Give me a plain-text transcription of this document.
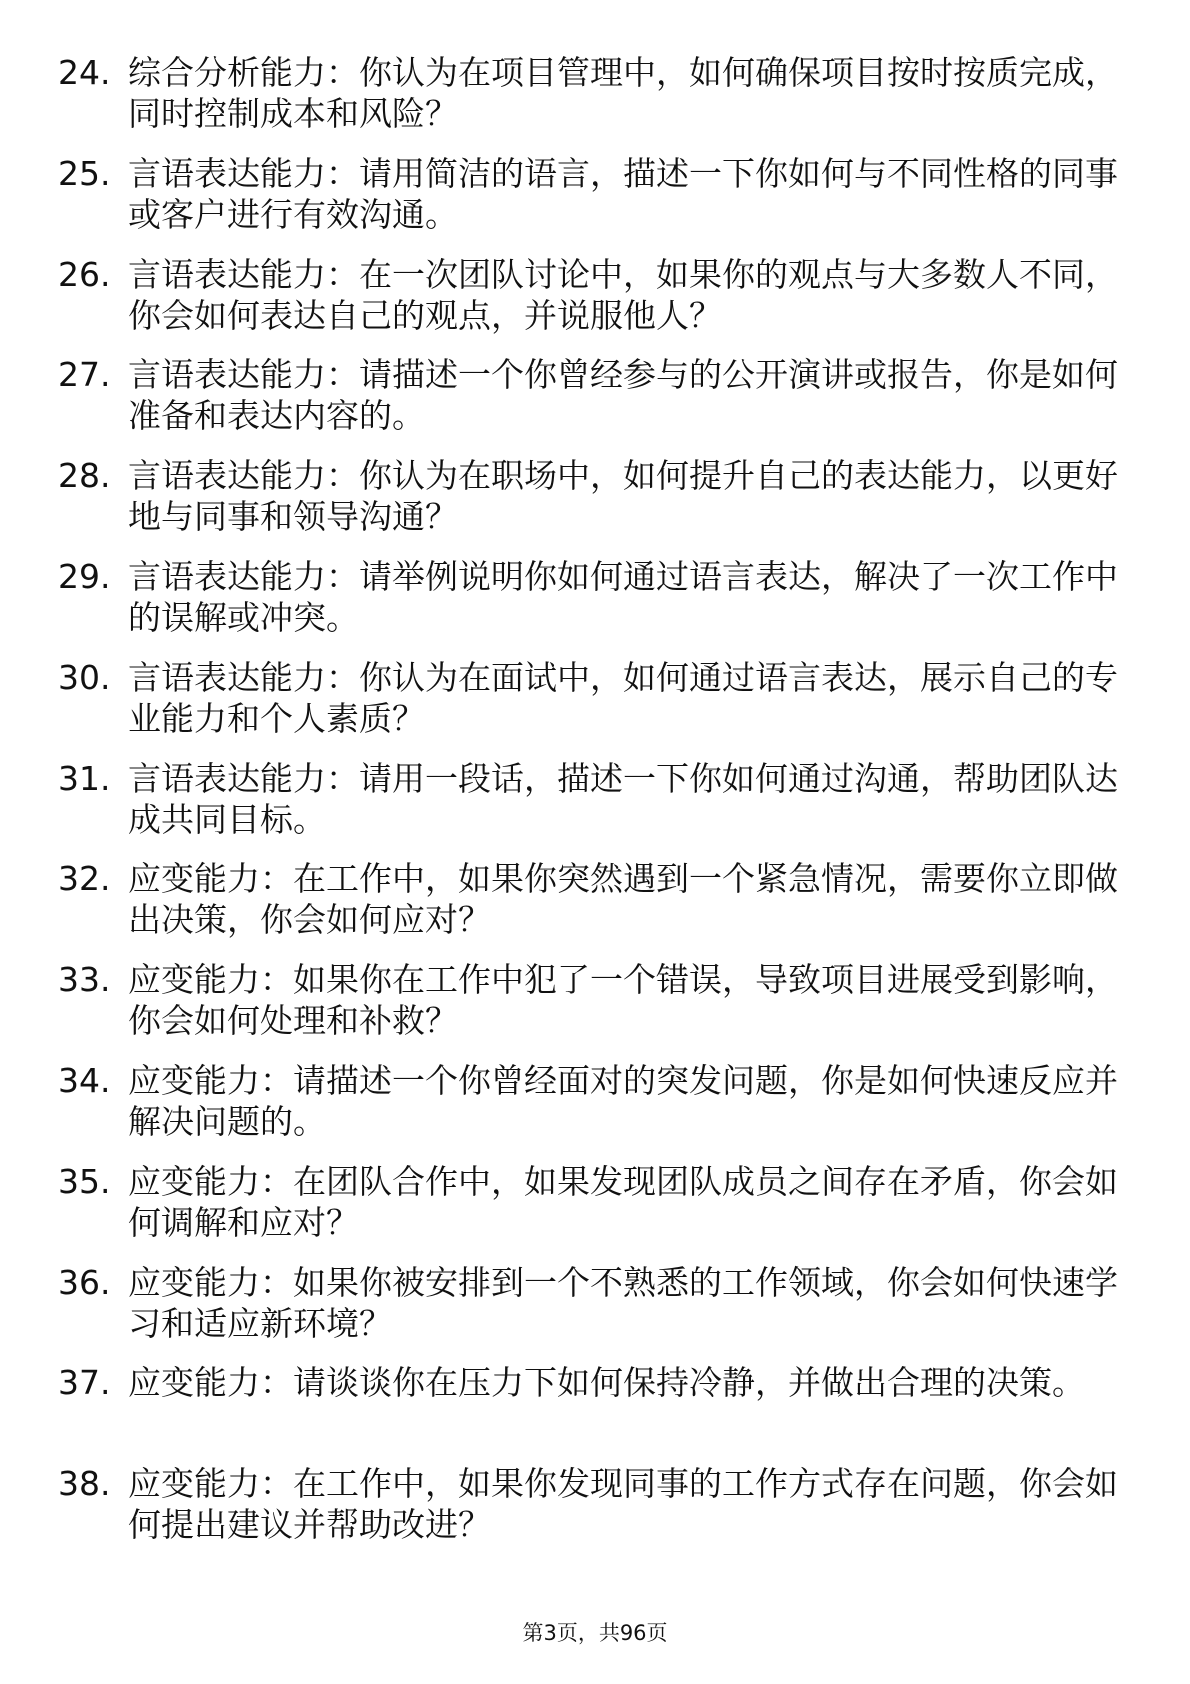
24. 综合分析能力：你认为在项目管理中，如何确保项目按时按质完成，同时控制成本和风险？
25. 言语表达能力：请用简洁的语言，描述一下你如何与不同性格的同事或客户进行有效沟通。
26. 言语表达能力：在一次团队讨论中，如果你的观点与大多数人不同，你会如何表达自己的观点，并说服他人？
27. 言语表达能力：请描述一个你曾经参与的公开演讲或报告，你是如何准备和表达内容的。
28. 言语表达能力：你认为在职场中，如何提升自己的表达能力，以更好地与同事和领导沟通？
29. 言语表达能力：请举例说明你如何通过语言表达，解决了一次工作中的误解或冲突。
30. 言语表达能力：你认为在面试中，如何通过语言表达，展示自己的专业能力和个人素质？
31. 言语表达能力：请用一段话，描述一下你如何通过沟通，帮助团队达成共同目标。
32. 应变能力：在工作中，如果你突然遇到一个紧急情况，需要你立即做出决策，你会如何应对？
33. 应变能力：如果你在工作中犯了一个错误，导致项目进展受到影响，你会如何处理和补救？
34. 应变能力：请描述一个你曾经面对的突发问题，你是如何快速反应并解决问题的。
35. 应变能力：在团队合作中，如果发现团队成员之间存在矛盾，你会如何调解和应对？
36. 应变能力：如果你被安排到一个不熟悉的工作领域，你会如何快速学习和适应新环境？
37. 应变能力：请谈谈你在压力下如何保持冷静，并做出合理的决策。
38. 应变能力：在工作中，如果你发现同事的工作方式存在问题，你会如何提出建议并帮助改进？
第3页，共96页
